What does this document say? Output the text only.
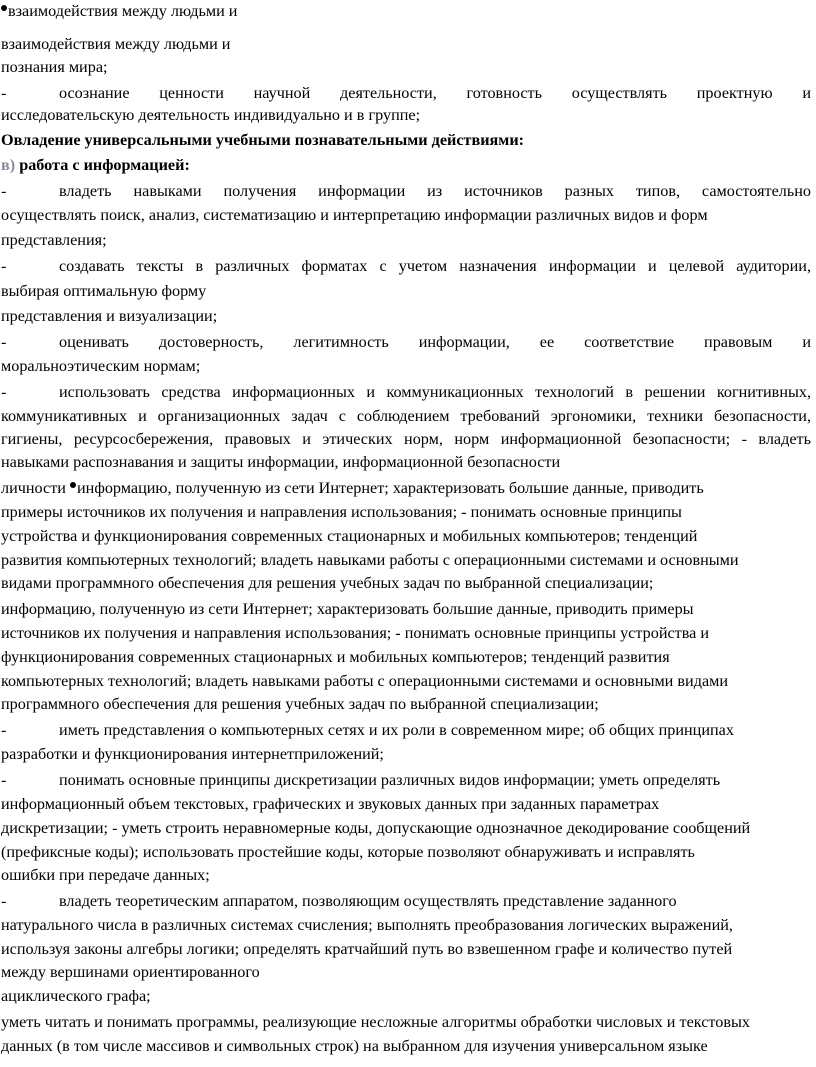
взаимодействия между людьми и
взаимодействия между людьми и
познания мира;
-	осознание ценности научной деятельности, готовность осуществлять проектную и
исследовательскую деятельность индивидуально и в группе;
Овладение универсальными учебными познавательными действиями:
в) работа с информацией:
-	владеть навыками получения информации из источников разных типов, самостоятельно
осуществлять поиск, анализ, систематизацию и интерпретацию информации различных видов и форм
представления;
-	создавать тексты в различных форматах с учетом назначения информации и целевой аудитории,
выбирая оптимальную форму
представления и визуализации;
-	оценивать достоверность, легитимность информации, ее соответствие правовым и
моральноэтическим нормам;
-	использовать средства информационных и коммуникационных технологий в решении когнитивных,
коммуникативных и организационных задач с соблюдением требований эргономики, техники безопасности,
гигиены, ресурсосбережения, правовых и этических норм, норм информационной безопасности; - владеть
навыками распознавания и защиты информации, информационной безопасности
личности информацию, полученную из сети Интернет; характеризовать большие данные, приводить
примеры источников их получения и направления использования; - понимать основные принципы
устройства и функционирования современных стационарных и мобильных компьютеров; тенденций
развития компьютерных технологий; владеть навыками работы с операционными системами и основными
видами программного обеспечения для решения учебных задач по выбранной специализации;
информацию, полученную из сети Интернет; характеризовать большие данные, приводить примеры
источников их получения и направления использования; - понимать основные принципы устройства и
функционирования современных стационарных и мобильных компьютеров; тенденций развития
компьютерных технологий; владеть навыками работы с операционными системами и основными видами
программного обеспечения для решения учебных задач по выбранной специализации;
-	иметь представления о компьютерных сетях и их роли в современном мире; об общих принципах
разработки и функционирования интернетприложений;
-	понимать основные принципы дискретизации различных видов информации; уметь определять
информационный объем текстовых, графических и звуковых данных при заданных параметрах
дискретизации; - уметь строить неравномерные коды, допускающие однозначное декодирование сообщений
(префиксные коды); использовать простейшие коды, которые позволяют обнаруживать и исправлять
ошибки при передаче данных;
-	владеть теоретическим аппаратом, позволяющим осуществлять представление заданного
натурального числа в различных системах счисления; выполнять преобразования логических выражений,
используя законы алгебры логики; определять кратчайший путь во взвешенном графе и количество путей
между вершинами ориентированного
ациклического графа;
уметь читать и понимать программы, реализующие несложные алгоритмы обработки числовых и текстовых
данных (в том числе массивов и символьных строк) на выбранном для изучения универсальном языке
